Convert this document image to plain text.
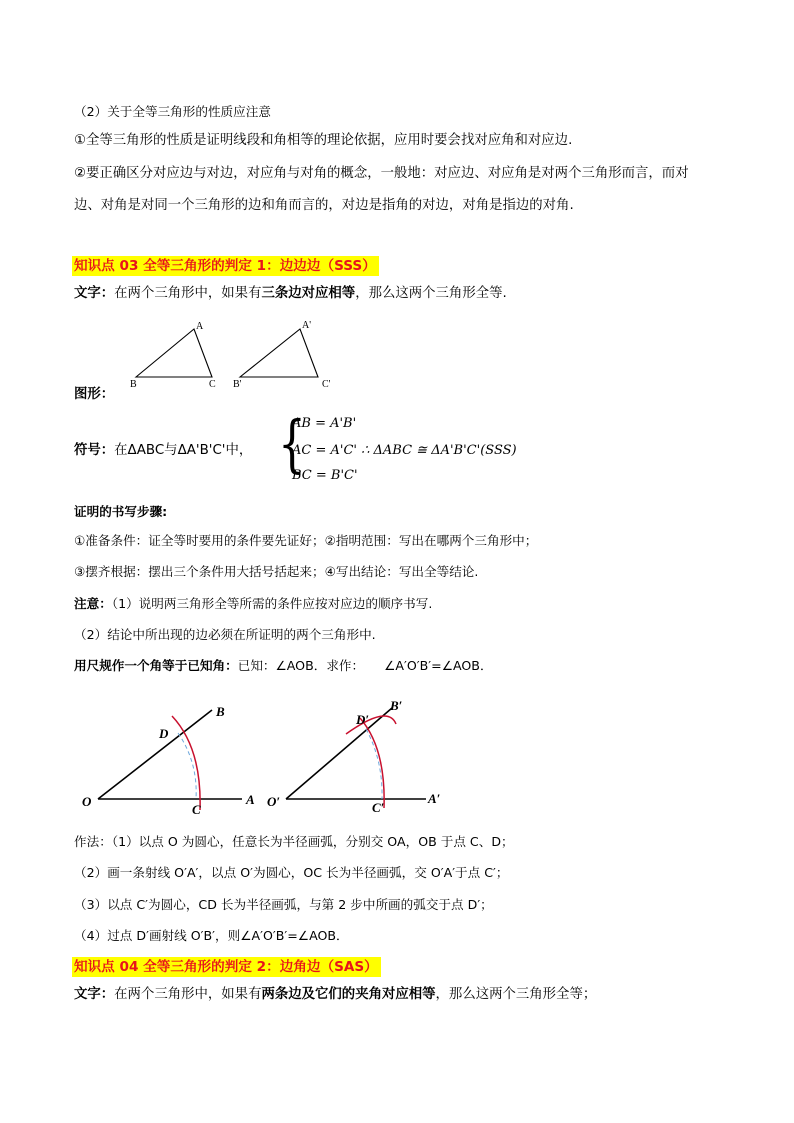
（2）关于全等三角形的性质应注意
①全等三角形的性质是证明线段和角相等的理论依据，应用时要会找对应角和对应边.
②要正确区分对应边与对边，对应角与对角的概念，一般地：对应边、对应角是对两个三角形而言，而对
边、对角是对同一个三角形的边和角而言的，对边是指角的对边，对角是指边的对角.
知识点 03 全等三角形的判定 1：边边边（SSS）
文字：在两个三角形中，如果有三条边对应相等，那么这两个三角形全等.
A
B	C
A'
B'	C'
图形：
符号：在ΔABC与ΔA'B'C'中， {
AB = A'B'
AC = A'C' ∴ ΔABC ≅ ΔA'B'C'(SSS)
BC = B'C'
证明的书写步骤:
①准备条件：证全等时要用的条件要先证好；②指明范围：写出在哪两个三角形中；
③摆齐根据：摆出三个条件用大括号括起来；④写出结论：写出全等结论.
注意：（1）说明两三角形全等所需的条件应按对应边的顺序书写.
（2）结论中所出现的边必须在所证明的两个三角形中.
用尺规作一个角等于已知角：已知：∠AOB．求作： ∠A′O′B′=∠AOB．
O	A
B
C
D
O′	A′
B′
C′
D′
作法：（1）以点 O 为圆心，任意长为半径画弧，分别交 OA，OB 于点 C、D；
（2）画一条射线 O′A′，以点 O′为圆心，OC 长为半径画弧，交 O′A′于点 C′；
（3）以点 C′为圆心，CD 长为半径画弧，与第 2 步中所画的弧交于点 D′；
（4）过点 D′画射线 O′B′，则∠A′O′B′=∠AOB．
知识点 04 全等三角形的判定 2：边角边（SAS）
文字：在两个三角形中，如果有两条边及它们的夹角对应相等，那么这两个三角形全等；
